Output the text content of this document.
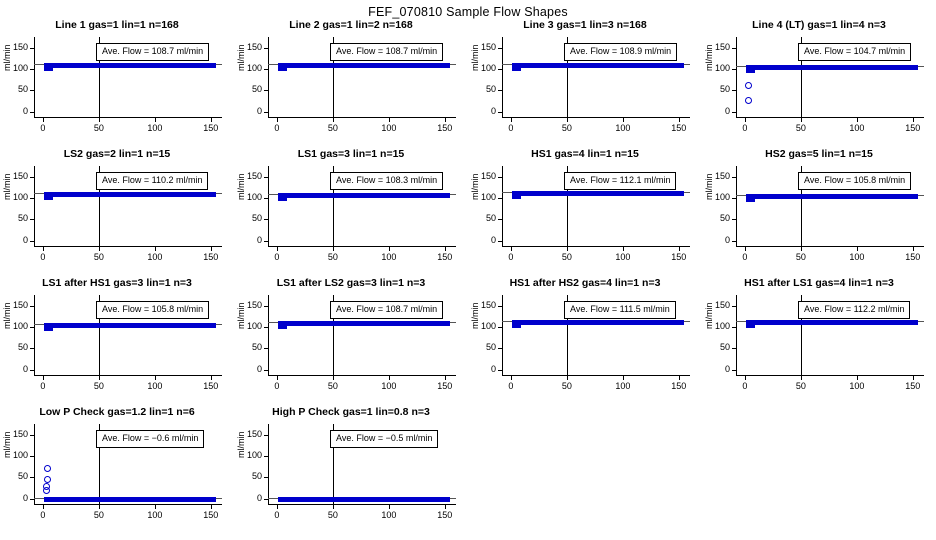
FEF_070810 Sample Flow Shapes
Line 1 gas=1 lin=1 n=168
ml/min
0	50	100	150
0
50
100
150	Ave. Flow = 108.7 ml/min
Line 2 gas=1 lin=2 n=168
ml/min
0	50	100	150
0
50
100
150	Ave. Flow = 108.7 ml/min
Line 3 gas=1 lin=3 n=168
ml/min
0	50	100	150
0
50
100
150	Ave. Flow = 108.9 ml/min
Line 4 (LT) gas=1 lin=4 n=3
ml/min
0	50	100	150
0
50
100
150	Ave. Flow = 104.7 ml/min
LS2 gas=2 lin=1 n=15
ml/min
0	50	100	150
0
50
100
150	Ave. Flow = 110.2 ml/min
LS1 gas=3 lin=1 n=15
ml/min
0	50	100	150
0
50
100
150	Ave. Flow = 108.3 ml/min
HS1 gas=4 lin=1 n=15
ml/min
0	50	100	150
0
50
100
150	Ave. Flow = 112.1 ml/min
HS2 gas=5 lin=1 n=15
ml/min
0	50	100	150
0
50
100
150	Ave. Flow = 105.8 ml/min
LS1 after HS1 gas=3 lin=1 n=3
ml/min
0	50	100	150
0
50
100
150	Ave. Flow = 105.8 ml/min
LS1 after LS2 gas=3 lin=1 n=3
ml/min
0	50	100	150
0
50
100
150	Ave. Flow = 108.7 ml/min
HS1 after HS2 gas=4 lin=1 n=3
ml/min
0	50	100	150
0
50
100
150	Ave. Flow = 111.5 ml/min
HS1 after LS1 gas=4 lin=1 n=3
ml/min
0	50	100	150
0
50
100
150	Ave. Flow = 112.2 ml/min
Low P Check gas=1.2 lin=1 n=6
ml/min
0	50	100	150
0
50
100
150	Ave. Flow = −0.6 ml/min
High P Check gas=1 lin=0.8 n=3
ml/min
0	50	100	150
0
50
100
150	Ave. Flow = −0.5 ml/min
